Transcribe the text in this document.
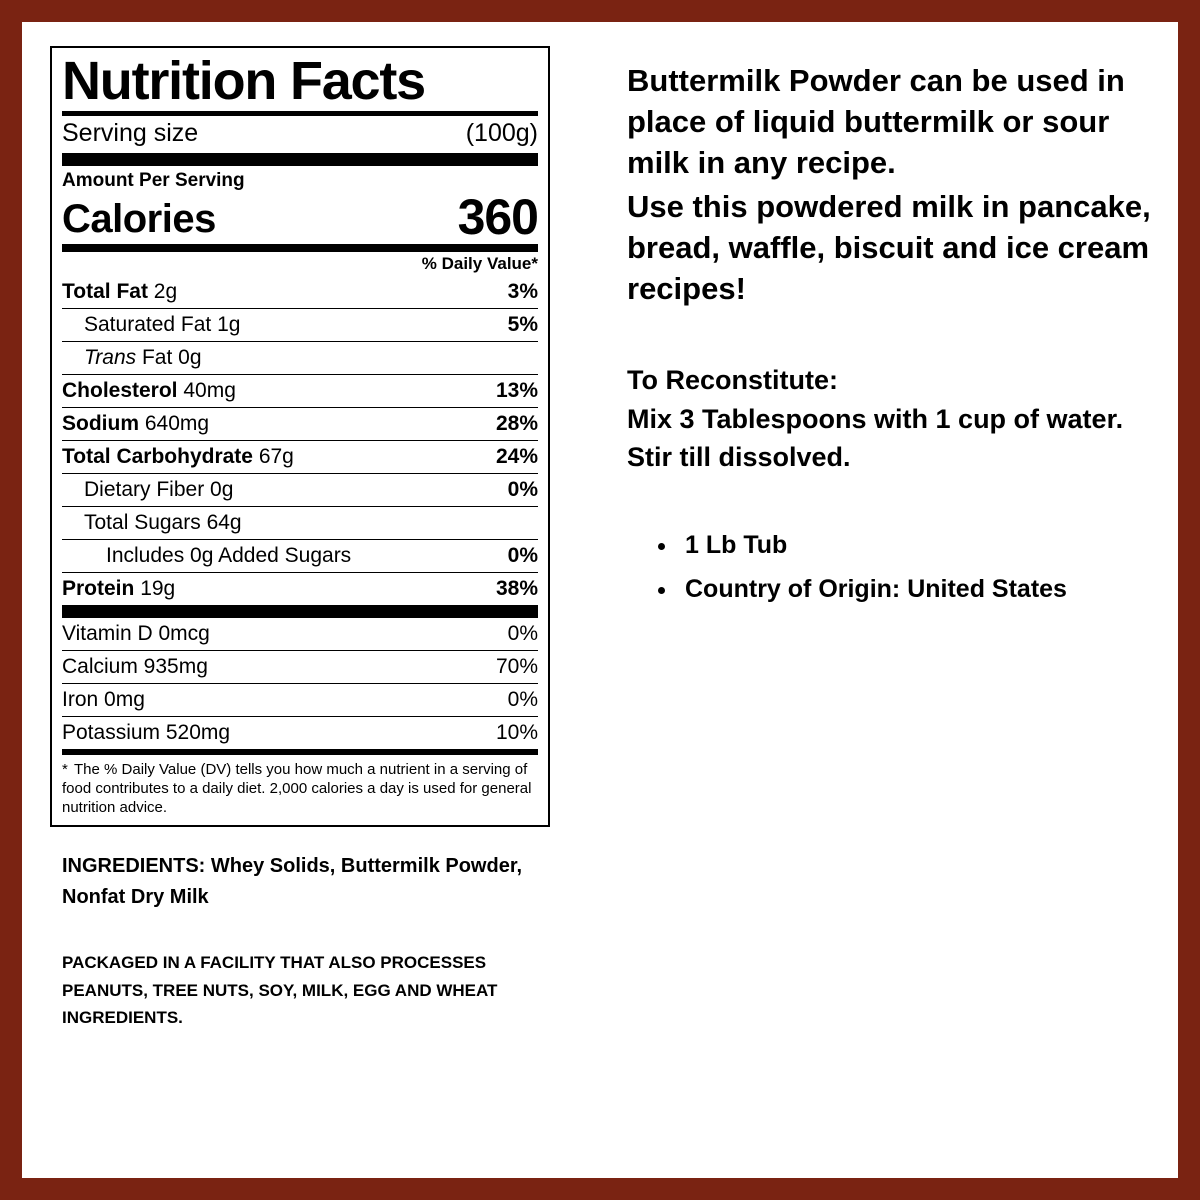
Nutrition Facts
Serving size	(100g)
Amount Per Serving
Calories	360
% Daily Value*
Total Fat 2g	3%
Saturated Fat 1g	5%
Trans Fat 0g
Cholesterol 40mg	13%
Sodium 640mg	28%
Total Carbohydrate 67g	24%
Dietary Fiber 0g	0%
Total Sugars 64g
Includes 0g Added Sugars	0%
Protein 19g	38%
Vitamin D 0mcg	0%
Calcium 935mg	70%
Iron 0mg	0%
Potassium 520mg	10%
* The % Daily Value (DV) tells you how much a nutrient in a serving of food contributes to a daily diet. 2,000 calories a day is used for general nutrition advice.
INGREDIENTS: Whey Solids, Buttermilk Powder, Nonfat Dry Milk
PACKAGED IN A FACILITY THAT ALSO PROCESSES PEANUTS, TREE NUTS, SOY, MILK, EGG AND WHEAT INGREDIENTS.

Buttermilk Powder can be used in place of liquid buttermilk or sour milk in any recipe.

Use this powdered milk in pancake, bread, waffle, biscuit and ice cream recipes!

To Reconstitute:
Mix 3 Tablespoons with 1 cup of water.
Stir till dissolved.
• 1 Lb Tub
• Country of Origin: United States
